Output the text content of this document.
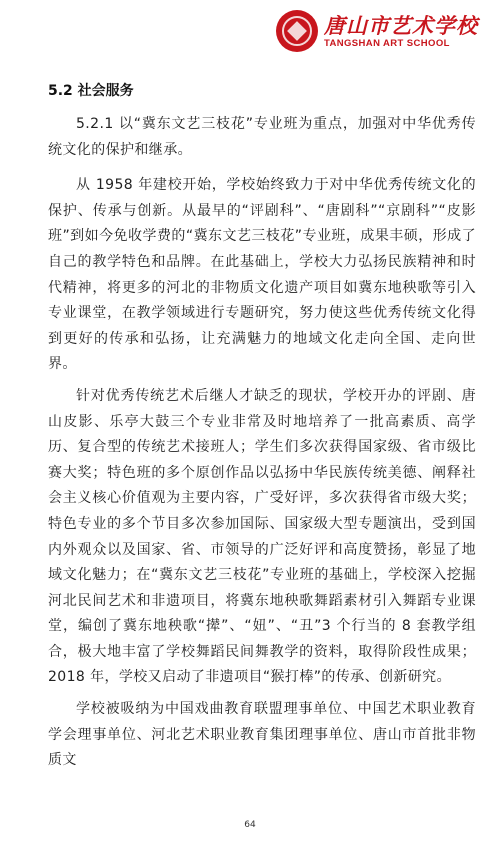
唐山市艺术学校
TANGSHAN ART SCHOOL
5.2 社会服务

5.2.1 以“冀东文艺三枝花”专业班为重点，加强对中华优秀传统文化的保护和继承。

从 1958 年建校开始，学校始终致力于对中华优秀传统文化的保护、传承与创新。从最早的“评剧科”、“唐剧科”“京剧科”“皮影班”到如今免收学费的“冀东文艺三枝花”专业班，成果丰硕，形成了自己的教学特色和品牌。在此基础上，学校大力弘扬民族精神和时代精神，将更多的河北的非物质文化遗产项目如冀东地秧歌等引入专业课堂，在教学领域进行专题研究，努力使这些优秀传统文化得到更好的传承和弘扬，让充满魅力的地域文化走向全国、走向世界。

针对优秀传统艺术后继人才缺乏的现状，学校开办的评剧、唐山皮影、乐亭大鼓三个专业非常及时地培养了一批高素质、高学历、复合型的传统艺术接班人；学生们多次获得国家级、省市级比赛大奖；特色班的多个原创作品以弘扬中华民族传统美德、阐释社会主义核心价值观为主要内容，广受好评，多次获得省市级大奖；特色专业的多个节目多次参加国际、国家级大型专题演出，受到国内外观众以及国家、省、市领导的广泛好评和高度赞扬，彰显了地域文化魅力；在“冀东文艺三枝花”专业班的基础上，学校深入挖掘河北民间艺术和非遗项目，将冀东地秧歌舞蹈素材引入舞蹈专业课堂，编创了冀东地秧歌“撵”、“妞”、“丑”3 个行当的 8 套教学组合，极大地丰富了学校舞蹈民间舞教学的资料，取得阶段性成果；2018 年，学校又启动了非遗项目“猴打棒”的传承、创新研究。

学校被吸纳为中国戏曲教育联盟理事单位、中国艺术职业教育学会理事单位、河北艺术职业教育集团理事单位、唐山市首批非物质文

64
